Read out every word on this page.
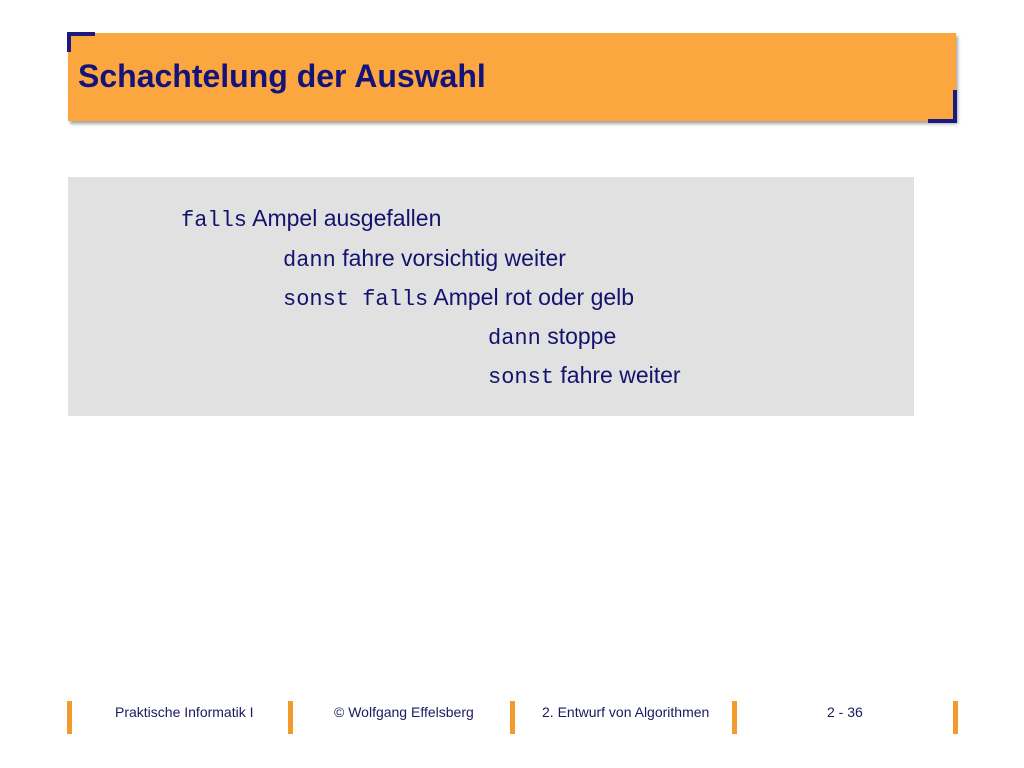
Schachtelung der Auswahl
falls Ampel ausgefallen
dann fahre vorsichtig weiter
sonst falls Ampel rot oder gelb
dann stoppe
sonst fahre weiter
Praktische Informatik I	© Wolfgang Effelsberg	2. Entwurf von Algorithmen	2 - 36
